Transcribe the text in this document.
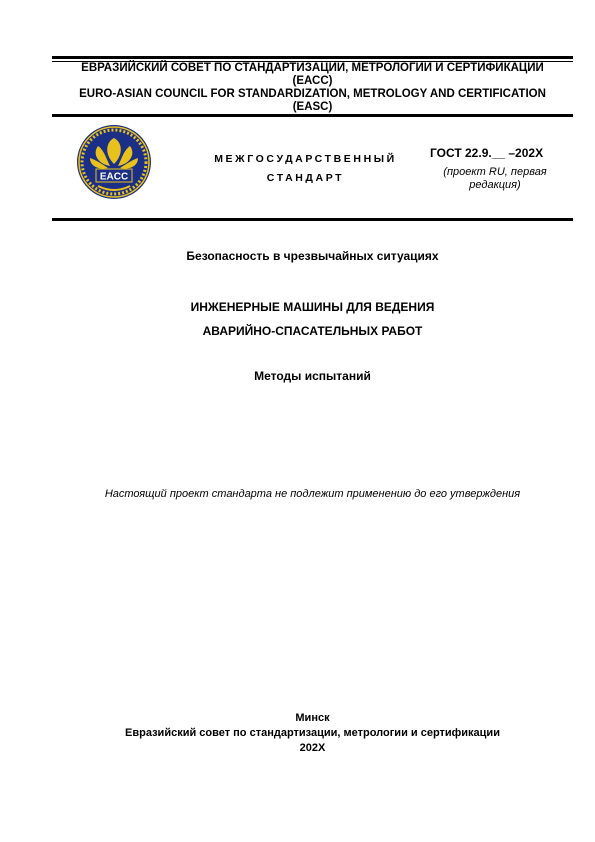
ЕВРАЗИЙСКИЙ СОВЕТ ПО СТАНДАРТИЗАЦИИ, МЕТРОЛОГИИ И СЕРТИФИКАЦИИ
(ЕАСС)
EURO-ASIAN COUNCIL FOR STANDARDIZATION, METROLOGY AND CERTIFICATION
(EASC)
EACC
МЕЖГОСУДАРСТВЕННЫЙ
СТАНДАРТ
ГОСТ 22.9.__ –202X
(проект RU, первая
редакция)
Безопасность в чрезвычайных ситуациях
ИНЖЕНЕРНЫЕ МАШИНЫ ДЛЯ ВЕДЕНИЯ
АВАРИЙНО-СПАСАТЕЛЬНЫХ РАБОТ
Методы испытаний
Настоящий проект стандарта не подлежит применению до его утверждения
Минск
Евразийский совет по стандартизации, метрологии и сертификации
202X
